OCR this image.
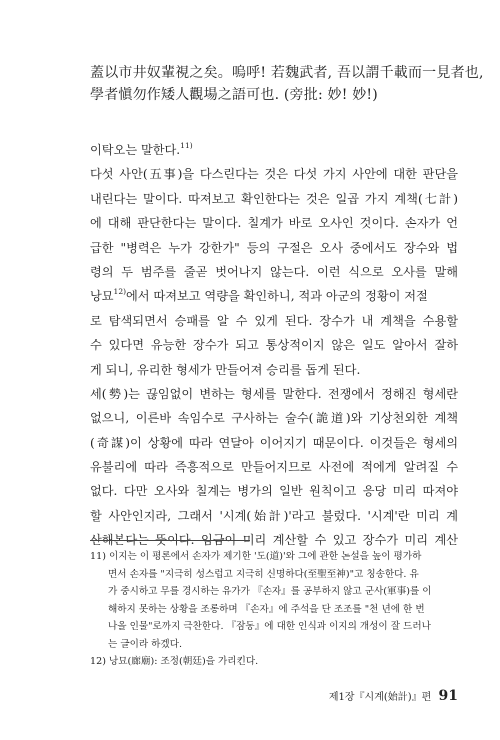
蓋以市井奴輩視之矣。嗚呼! 若魏武者, 吾以謂千載而一見者也,
學者愼勿作矮人觀場之語可也. (旁批: 妙! 妙!)
이탁오는 말한다.$^{11)}$
다섯 사안(五事)을 다스린다는 것은 다섯 가지 사안에 대한 판단을
내린다는 말이다. 따져보고 확인한다는 것은 일곱 가지 계책(七計)
에 대해 판단한다는 말이다. 칠계가 바로 오사인 것이다. 손자가 언
급한 "병력은 누가 강한가" 등의 구절은 오사 중에서도 장수와 법
령의 두 범주를 줄곧 벗어나지 않는다. 이런 식으로 오사를 말해
낭묘$^{12)}$에서 따져보고 역량을 확인하니, 적과 아군의 정황이 저절
로 탐색되면서 승패를 알 수 있게 된다. 장수가 내 계책을 수용할
수 있다면 유능한 장수가 되고 통상적이지 않은 일도 알아서 잘하
게 되니, 유리한 형세가 만들어져 승리를 돕게 된다.
세(勢)는 끊임없이 변하는 형세를 말한다. 전쟁에서 정해진 형세란
없으니, 이른바 속임수로 구사하는 술수(詭道)와 기상천외한 계책
(奇謀)이 상황에 따라 연달아 이어지기 때문이다. 이것들은 형세의
유불리에 따라 즉흥적으로 만들어지므로 사전에 적에게 알려질 수
없다. 다만 오사와 칠계는 병가의 일반 원칙이고 응당 미리 따져야
할 사안인지라, 그래서 '시계(始計)'라고 불렀다. '시계'란 미리 계
산해본다는 뜻이다. 임금이 미리 계산할 수 있고 장수가 미리 계산
11) 이지는 이 평론에서 손자가 제기한 '도(道)'와 그에 관한 논설을 높이 평가하
면서 손자를 "지극히 성스럽고 지극히 신명하다(至聖至神)"고 칭송한다. 유
가 중시하고 무를 경시하는 유가가 『손자』를 공부하지 않고 군사(軍事)를 이
해하지 못하는 상황을 조롱하며 『손자』에 주석을 단 조조를 "천 년에 한 번
나올 인물"로까지 극찬한다. 『잠동』에 대한 인식과 이지의 개성이 잘 드러나
는 글이라 하겠다.
12) 낭묘(廊廟): 조정(朝廷)을 가리킨다.
제1장『시계(始計)』편 91
